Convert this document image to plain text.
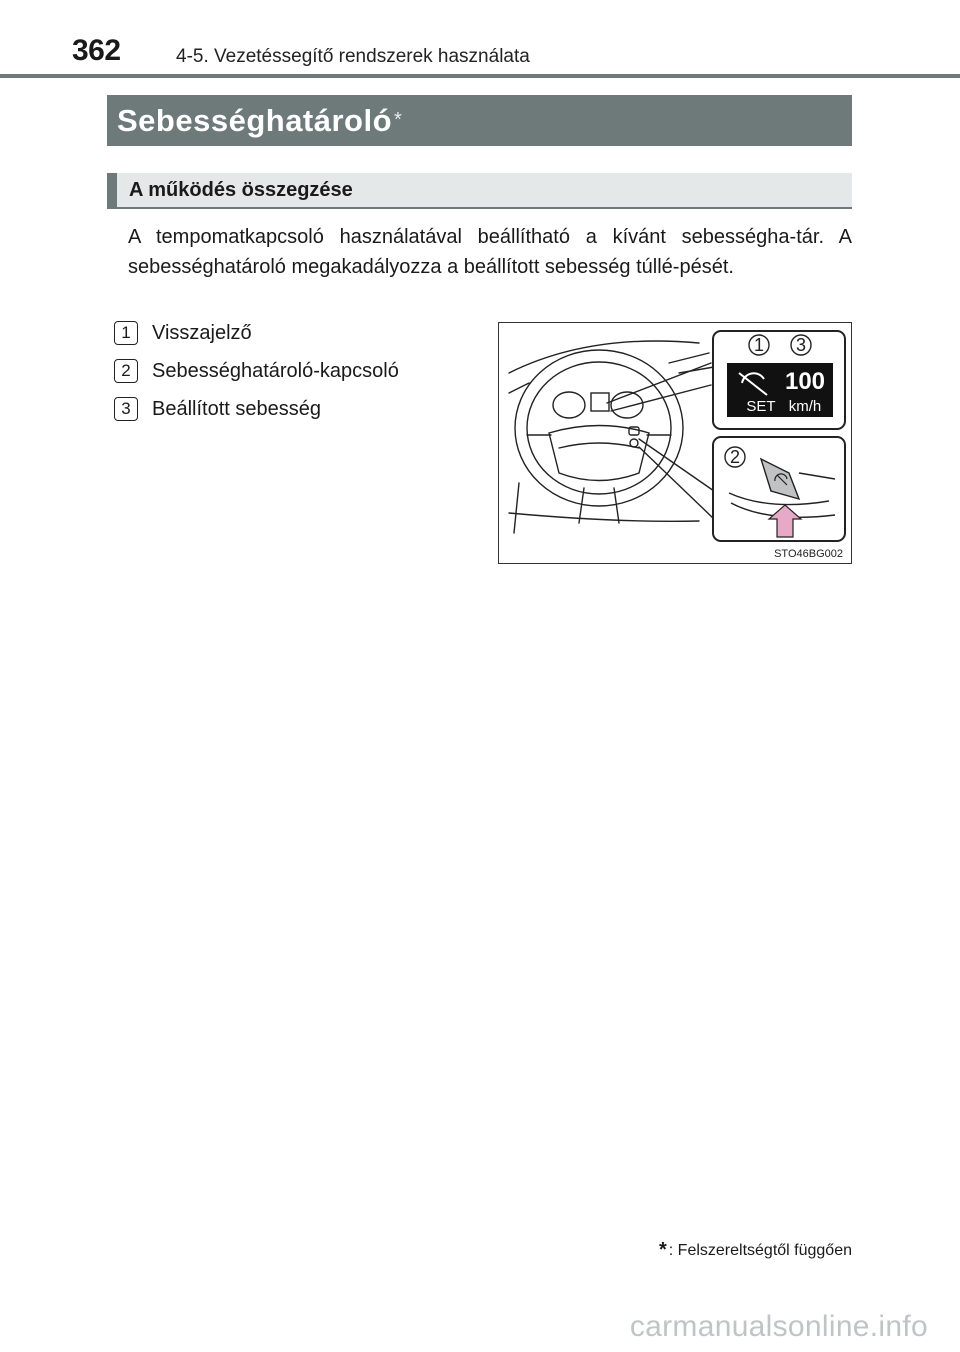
362	4-5. Vezetéssegítő rendszerek használata
Sebességhatároló *
A működés összegzése

A tempomatkapcsoló használatával beállítható a kívánt sebességha-tár. A sebességhatároló megakadályozza a beállított sebesség túllé-pését.

1	Visszajelző
2	Sebességhatároló-kapcsoló
3	Beállított sebesség
1 3
100
SET km/h
2
STO46BG002
* : Felszereltségtől függően
carmanualsonline.info
